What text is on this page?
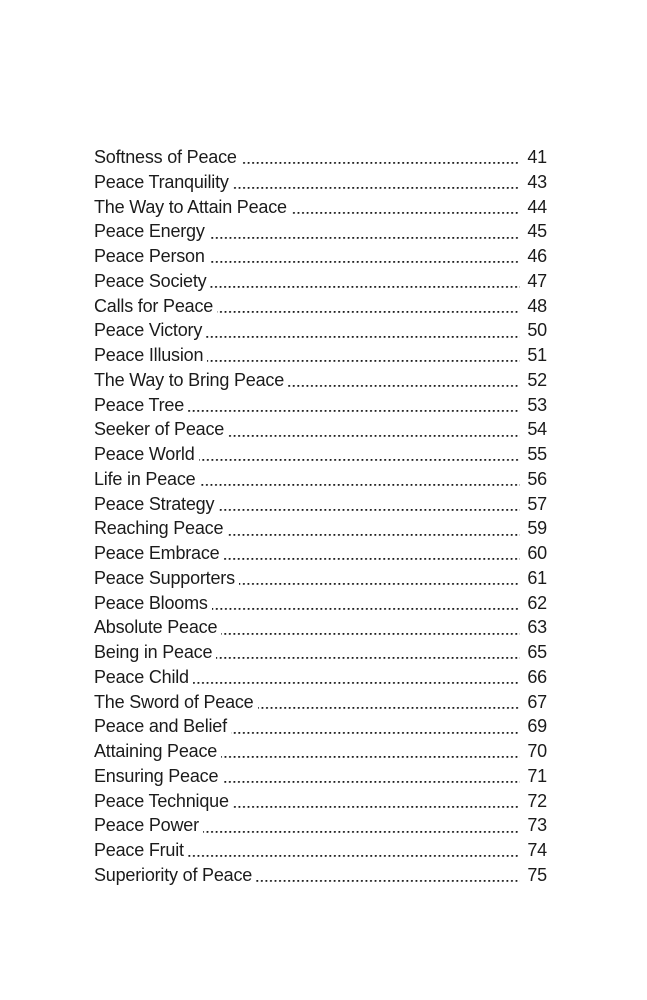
Softness of Peace	41
Peace Tranquility	43
The Way to Attain Peace	44
Peace Energy	45
Peace Person	46
Peace Society	47
Calls for Peace	48
Peace Victory	50
Peace Illusion	51
The Way to Bring Peace	52
Peace Tree	53
Seeker of Peace	54
Peace World	55
Life in Peace	56
Peace Strategy	57
Reaching Peace	59
Peace Embrace	60
Peace Supporters	61
Peace Blooms	62
Absolute Peace	63
Being in Peace	65
Peace Child	66
The Sword of Peace	67
Peace and Belief	69
Attaining Peace	70
Ensuring Peace	71
Peace Technique	72
Peace Power	73
Peace Fruit	74
Superiority of Peace	75
